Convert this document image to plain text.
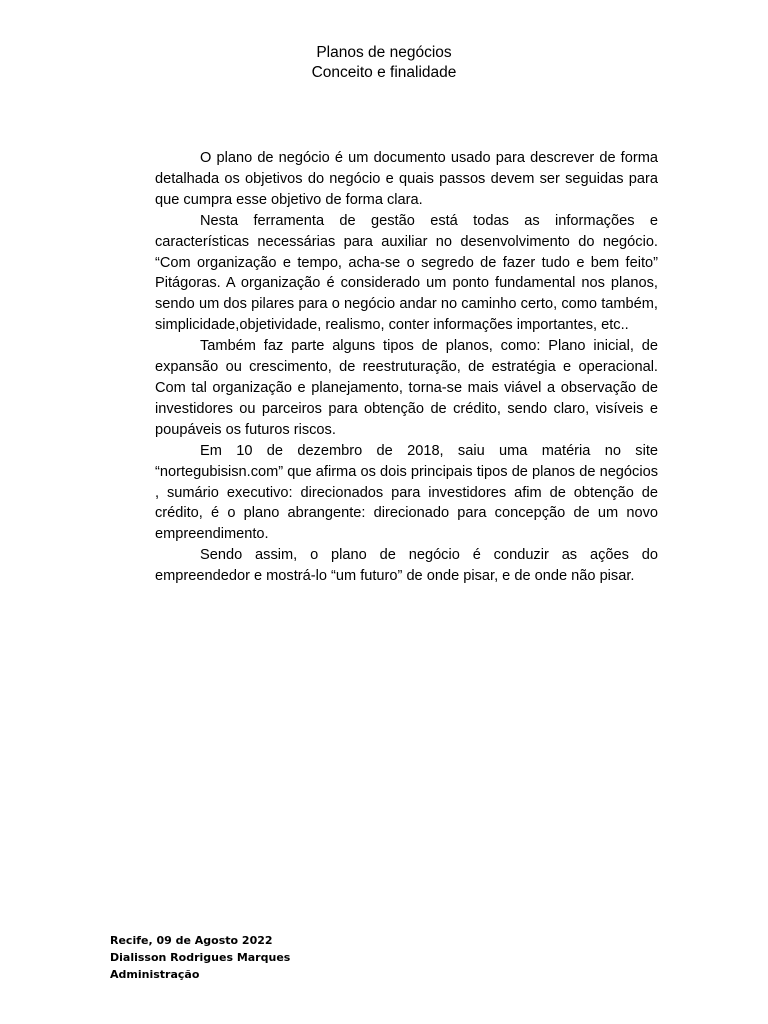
Planos de negócios
Conceito e finalidade

O plano de negócio é um documento usado para descrever de forma detalhada os objetivos do negócio e quais passos devem ser seguidas para que cumpra esse objetivo de forma clara.

Nesta ferramenta de gestão está todas as informações e características necessárias para auxiliar no desenvolvimento do negócio. “Com organização e tempo, acha-se o segredo de fazer tudo e bem feito” Pitágoras. A organização é considerado um ponto fundamental nos planos, sendo um dos pilares para o negócio andar no caminho certo, como também, simplicidade,objetividade, realismo, conter informações importantes, etc..

Também faz parte alguns tipos de planos, como: Plano inicial, de expansão ou crescimento, de reestruturação, de estratégia e operacional. Com tal organização e planejamento, torna-se mais viável a observação de investidores ou parceiros para obtenção de crédito, sendo claro, visíveis e poupáveis os futuros riscos.

Em 10 de dezembro de 2018, saiu uma matéria no site “nortegubisisn.com” que afirma os dois principais tipos de planos de negócios , sumário executivo: direcionados para investidores afim de obtenção de crédito, é o plano abrangente: direcionado para concepção de um novo empreendimento.

Sendo assim, o plano de negócio é conduzir as ações do empreendedor e mostrá-lo “um futuro” de onde pisar, e de onde não pisar.

Recife, 09 de Agosto 2022
Dialisson Rodrigues Marques
Administração
